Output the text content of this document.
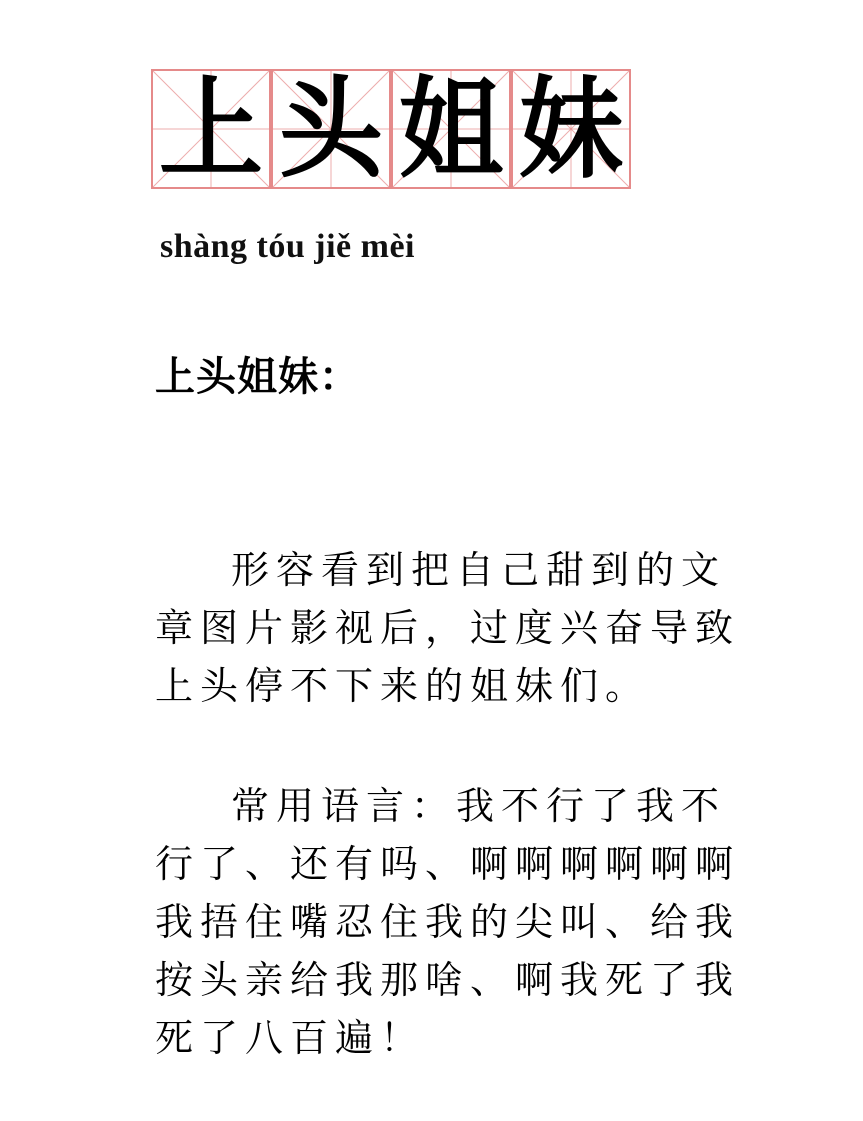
上 头 姐 妹
shàng tóu jiě mèi
上头姐妹：
形容看到把自己甜到的文章图片影视后，过度兴奋导致上头停不下来的姐妹们。
常用语言：我不行了我不行了、还有吗、啊啊啊啊啊啊我捂住嘴忍住我的尖叫、给我按头亲给我那啥、啊我死了我死了八百遍！
